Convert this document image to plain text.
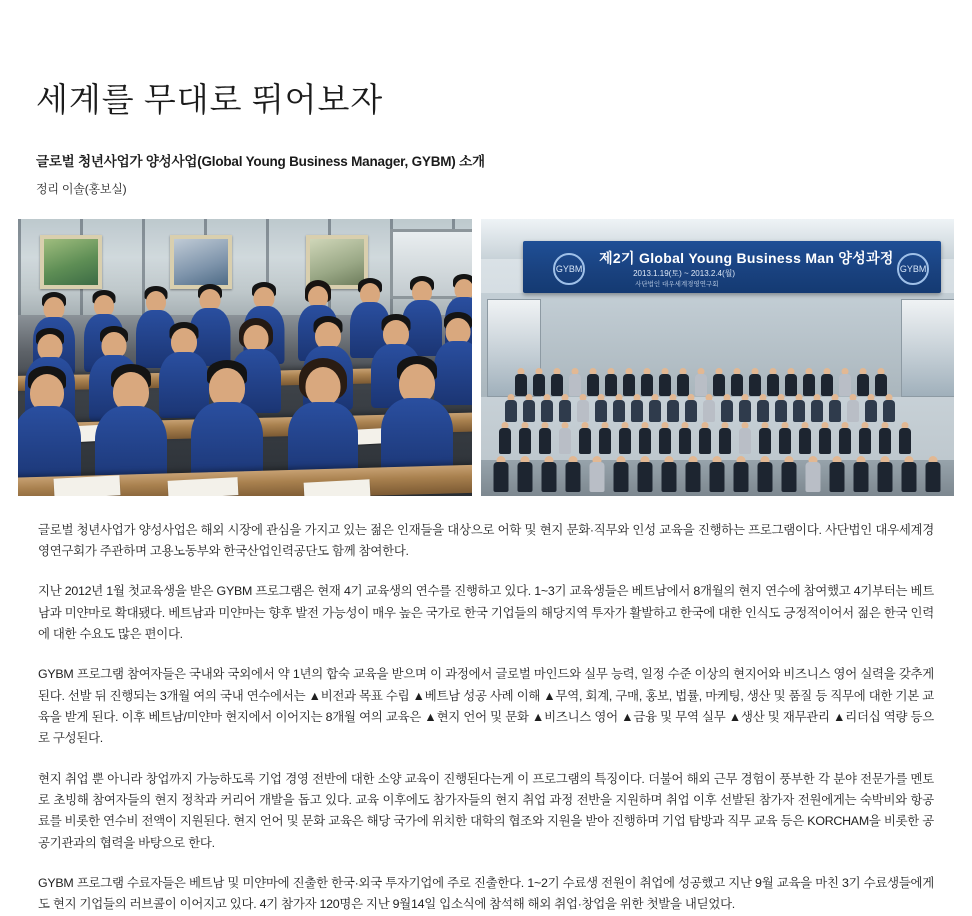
세계를 무대로 뛰어보자
글로벌 청년사업가 양성사업(Global Young Business Manager, GYBM) 소개
정리 이솔(홍보실)
GYBM	GYBM
제2기 Global Young Business Man 양성과정
2013.1.19(토) ~ 2013.2.4(월)
사단법인 대우세계경영연구회

글로벌 청년사업가 양성사업은 해외 시장에 관심을 가지고 있는 젊은 인재들을 대상으로 어학 및 현지 문화·직무와 인성 교육을 진행하는 프로그램이다. 사단법인 대우세계경영연구회가 주관하며 고용노동부와 한국산업인력공단도 함께 참여한다.

지난 2012년 1월 첫교육생을 받은 GYBM 프로그램은 현재 4기 교육생의 연수를 진행하고 있다. 1~3기 교육생들은 베트남에서 8개월의 현지 연수에 참여했고 4기부터는 베트남과 미얀마로 확대됐다. 베트남과 미얀마는 향후 발전 가능성이 매우 높은 국가로 한국 기업들의 해당지역 투자가 활발하고 한국에 대한 인식도 긍정적이어서 젊은 한국 인력에 대한 수요도 많은 편이다.

GYBM 프로그램 참여자들은 국내와 국외에서 약 1년의 합숙 교육을 받으며 이 과정에서 글로벌 마인드와 실무 능력, 일정 수준 이상의 현지어와 비즈니스 영어 실력을 갖추게 된다. 선발 뒤 진행되는 3개월 여의 국내 연수에서는 ▲비전과 목표 수립 ▲베트남 성공 사례 이해 ▲무역, 회계, 구매, 홍보, 법률, 마케팅, 생산 및 품질 등 직무에 대한 기본 교육을 받게 된다. 이후 베트남/미얀마 현지에서 이어지는 8개월 여의 교육은 ▲현지 언어 및 문화 ▲비즈니스 영어 ▲금융 및 무역 실무 ▲생산 및 재무관리 ▲리더십 역량 등으로 구성된다.

현지 취업 뿐 아니라 창업까지 가능하도록 기업 경영 전반에 대한 소양 교육이 진행된다는게 이 프로그램의 특징이다. 더불어 해외 근무 경험이 풍부한 각 분야 전문가를 멘토로 초빙해 참여자들의 현지 정착과 커리어 개발을 돕고 있다. 교육 이후에도 참가자들의 현지 취업 과정 전반을 지원하며 취업 이후 선발된 참가자 전원에게는 숙박비와 항공료를 비롯한 연수비 전액이 지원된다. 현지 언어 및 문화 교육은 해당 국가에 위치한 대학의 협조와 지원을 받아 진행하며 기업 탐방과 직무 교육 등은 KORCHAM을 비롯한 공공기관과의 협력을 바탕으로 한다.

GYBM 프로그램 수료자들은 베트남 및 미얀마에 진출한 한국·외국 투자기업에 주로 진출한다. 1~2기 수료생 전원이 취업에 성공했고 지난 9월 교육을 마친 3기 수료생들에게도 현지 기업들의 러브콜이 이어지고 있다. 4기 참가자 120명은 지난 9월14일 입소식에 참석해 해외 취업·창업을 위한 첫발을 내딛었다.
